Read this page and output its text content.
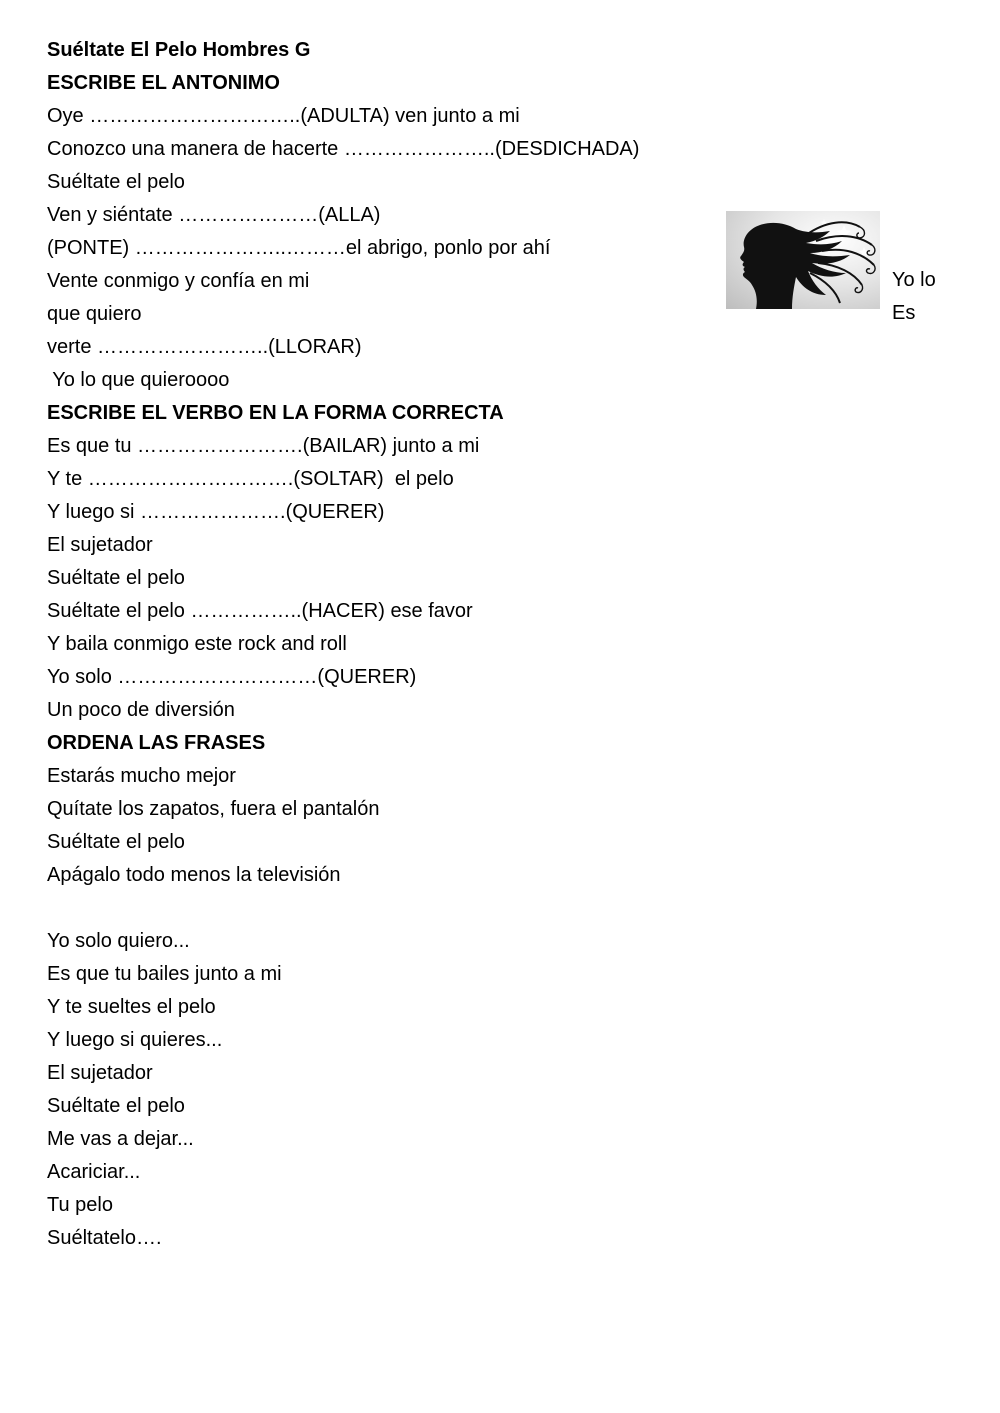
Suéltate El Pelo Hombres G
ESCRIBE EL ANTONIMO
Oye …………………………..(ADULTA) ven junto a mi
Conozco una manera de hacerte …………………..(DESDICHADA)
Suéltate el pelo
Ven y siéntate …………………(ALLA)
(PONTE) …………………..………el abrigo, ponlo por ahí
Vente conmigo y confía en mi
que quiero
verte ……………………..(LLORAR)
Yo lo que quieroooo
ESCRIBE EL VERBO EN LA FORMA CORRECTA
Es que tu …………………….(BAILAR) junto a mi
Y te ………………………….(SOLTAR)  el pelo
Y luego si ………………….(QUERER)
El sujetador
Suéltate el pelo
Suéltate el pelo ……………..(HACER) ese favor
Y baila conmigo este rock and roll
Yo solo …………………………(QUERER)
Un poco de diversión
ORDENA LAS FRASES
Estarás mucho mejor
Quítate los zapatos, fuera el pantalón
Suéltate el pelo
Apágalo todo menos la televisión
Yo solo quiero...
Es que tu bailes junto a mi
Y te sueltes el pelo
Y luego si quieres...
El sujetador
Suéltate el pelo
Me vas a dejar...
Acariciar...
Tu pelo
Suéltatelo….
Yo lo
Es
